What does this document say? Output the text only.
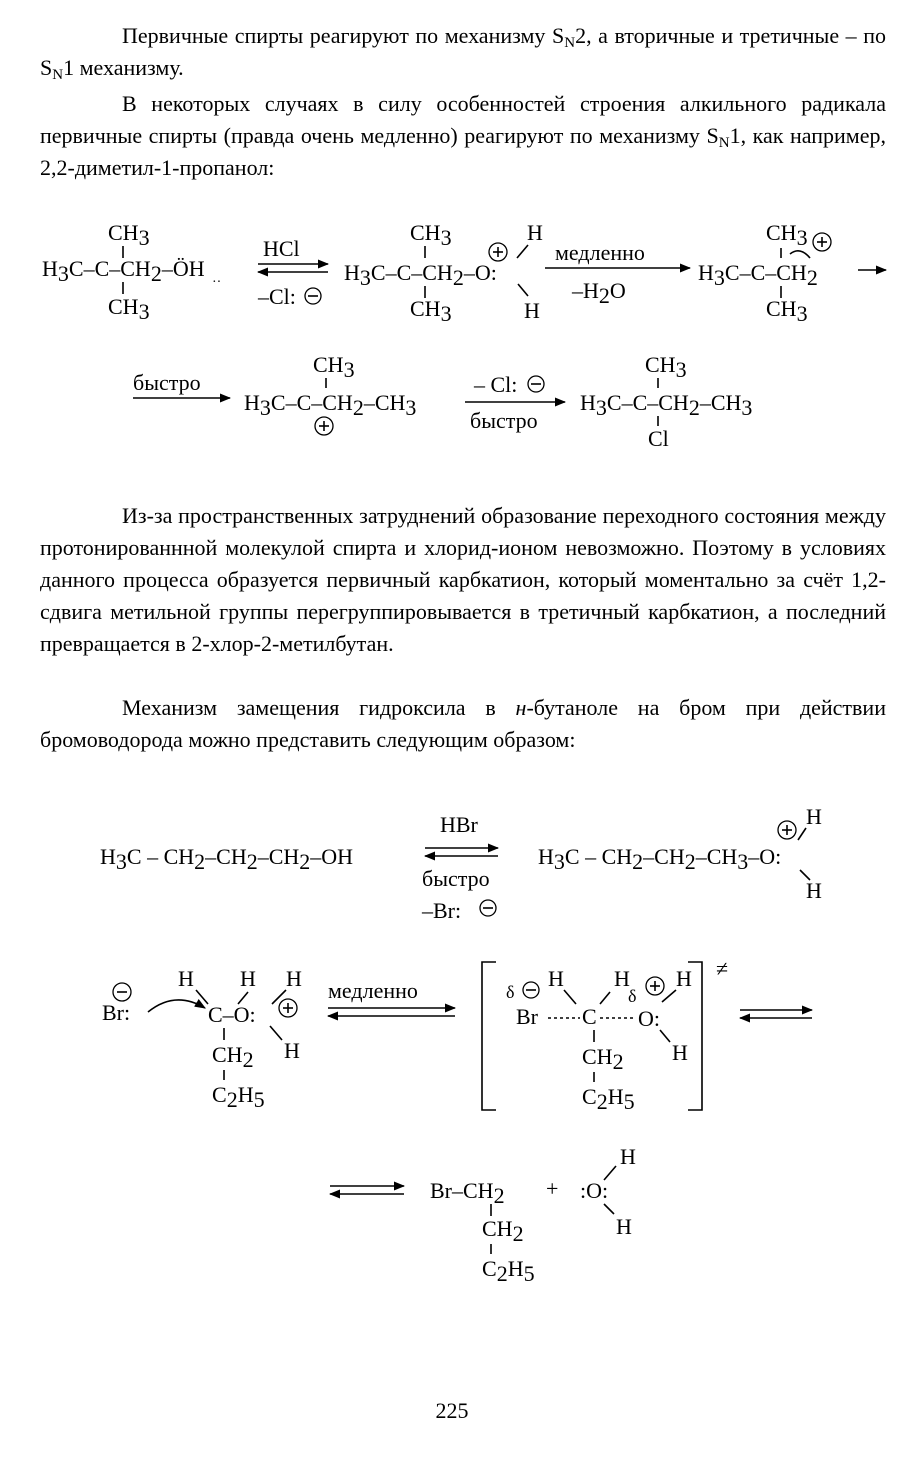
Первичные спирты реагируют по механизму $S_N2$, а вторичные и третичные – по $S_N1$ механизму.
В некоторых случаях в силу особенностей строения алкильного радикала первичные спирты (правда очень медленно) реагируют по механизму $S_N1$, как например, 2,2-диметил-1-пропанол:
CH3
H3C–C–CH2–ÖH
··
CH3
HCl
–Cl:
CH3
H3C–C–CH2–O:
CH3
H
H
медленно
–H2O
CH3
H3C–C–CH2
CH3
быстро
CH3
H3C–C–CH2–CH3
– Cl:
быстро
CH3
H3C–C–CH2–CH3
Cl
Из-за пространственных затруднений образование переходного состояния между протонированнной молекулой спирта и хлорид-ионом невозможно. Поэтому в условиях данного процесса образуется первичный карбкатион, который моментально за счёт 1,2-сдвига метильной группы перегруппировывается в третичный карбкатион, а последний превращается в 2-хлор-2-метилбутан.
Механизм замещения гидроксила в н-бутаноле на бром при действии бромоводорода можно представить следующим образом:
H3C – CH2–CH2–CH2–OH
HBr
быстро
–Br:
H3C – CH2–CH2–CH3–O:
H
H
Br:
H H H
C–O:
H
CH2
C2H5
медленно
≠
δ
H
Br C
H
δ
H
O:
H
CH2
C2H5
Br–CH2
CH2
C2H5
+
H
:O:
H
225
